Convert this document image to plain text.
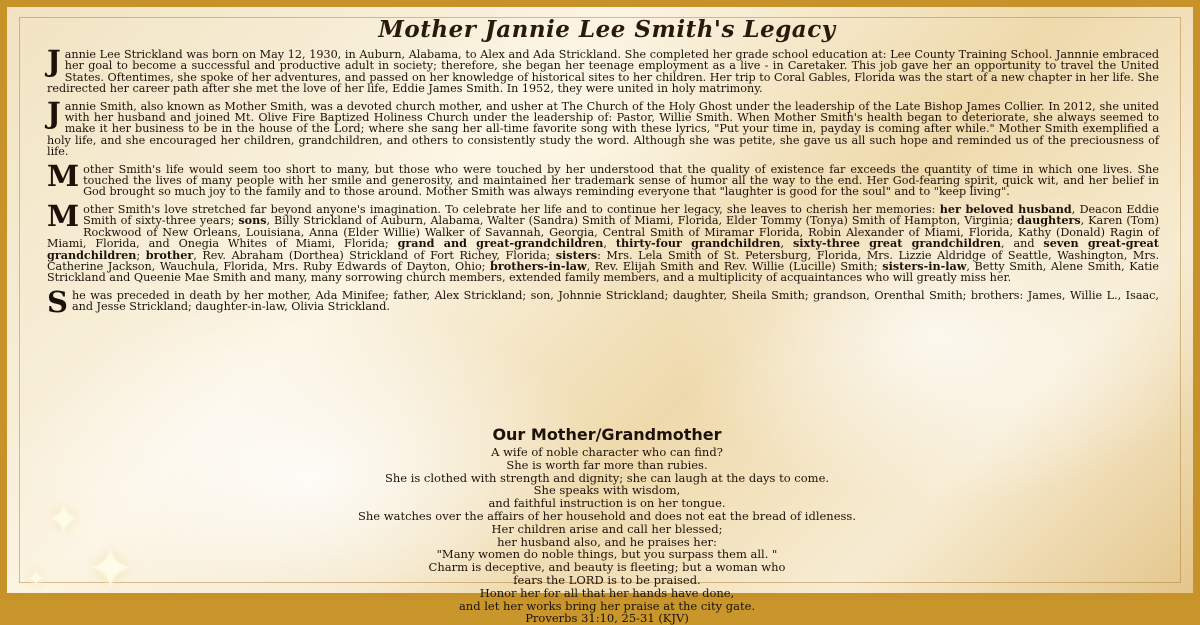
✦
✦
✦
Mother Jannie Lee Smith's Legacy

Jannie Lee Strickland was born on May 12, 1930, in Auburn, Alabama, to Alex and Ada Strickland. She completed her grade school education at: Lee County Training School. Jannnie embraced her goal to become a successful and productive adult in society; therefore, she began her teenage employment as a live - in Caretaker. This job gave her an opportunity to travel the United States. Oftentimes, she spoke of her adventures, and passed on her knowledge of historical sites to her children. Her trip to Coral Gables, Florida was the start of a new chapter in her life. She redirected her career path after she met the love of her life, Eddie James Smith. In 1952, they were united in holy matrimony.

Jannie Smith, also known as Mother Smith, was a devoted church mother, and usher at The Church of the Holy Ghost under the leadership of the Late Bishop James Collier. In 2012, she united with her husband and joined Mt. Olive Fire Baptized Holiness Church under the leadership of: Pastor, Willie Smith. When Mother Smith's health began to deteriorate, she always seemed to make it her business to be in the house of the Lord; where she sang her all-time favorite song with these lyrics, "Put your time in, payday is coming after while." Mother Smith exemplified a holy life, and she encouraged her children, grandchildren, and others to consistently study the word. Although she was petite, she gave us all such hope and reminded us of the preciousness of life.

Mother Smith's life would seem too short to many, but those who were touched by her understood that the quality of existence far exceeds the quantity of time in which one lives. She touched the lives of many people with her smile and generosity, and maintained her trademark sense of humor all the way to the end. Her God-fearing spirit, quick wit, and her belief in God brought so much joy to the family and to those around. Mother Smith was always reminding everyone that "laughter is good for the soul" and to "keep living".

Mother Smith's love stretched far beyond anyone's imagination. To celebrate her life and to continue her legacy, she leaves to cherish her memories: her beloved husband, Deacon Eddie Smith of sixty-three years; sons, Billy Strickland of Auburn, Alabama, Walter (Sandra) Smith of Miami, Florida, Elder Tommy (Tonya) Smith of Hampton, Virginia; daughters, Karen (Tom) Rockwood of New Orleans, Louisiana, Anna (Elder Willie) Walker of Savannah, Georgia, Central Smith of Miramar Florida, Robin Alexander of Miami, Florida, Kathy (Donald) Ragin of Miami, Florida, and Onegia Whites of Miami, Florida; grand and great-grandchildren, thirty-four grandchildren, sixty-three great grandchildren, and seven great-great grandchildren; brother, Rev. Abraham (Dorthea) Strickland of Fort Richey, Florida; sisters: Mrs. Lela Smith of St. Petersburg, Florida, Mrs. Lizzie Aldridge of Seattle, Washington, Mrs. Catherine Jackson, Wauchula, Florida, Mrs. Ruby Edwards of Dayton, Ohio; brothers-in-law, Rev. Elijah Smith and Rev. Willie (Lucille) Smith; sisters-in-law, Betty Smith, Alene Smith, Katie Strickland and Queenie Mae Smith and many, many sorrowing church members, extended family members, and a multiplicity of acquaintances who will greatly miss her.

She was preceded in death by her mother, Ada Minifee; father, Alex Strickland; son, Johnnie Strickland; daughter, Sheila Smith; grandson, Orenthal Smith; brothers: James, Willie L., Isaac, and Jesse Strickland; daughter-in-law, Olivia Strickland.

Our Mother/Grandmother
A wife of noble character who can find?
She is worth far more than rubies.
She is clothed with strength and dignity; she can laugh at the days to come.
She speaks with wisdom,
and faithful instruction is on her tongue.
She watches over the affairs of her household and does not eat the bread of idleness.
Her children arise and call her blessed;
her husband also, and he praises her:
"Many women do noble things, but you surpass them all. "
Charm is deceptive, and beauty is fleeting; but a woman who
fears the LORD is to be praised.
Honor her for all that her hands have done,
and let her works bring her praise at the city gate.
Proverbs 31:10, 25-31 (KJV)
